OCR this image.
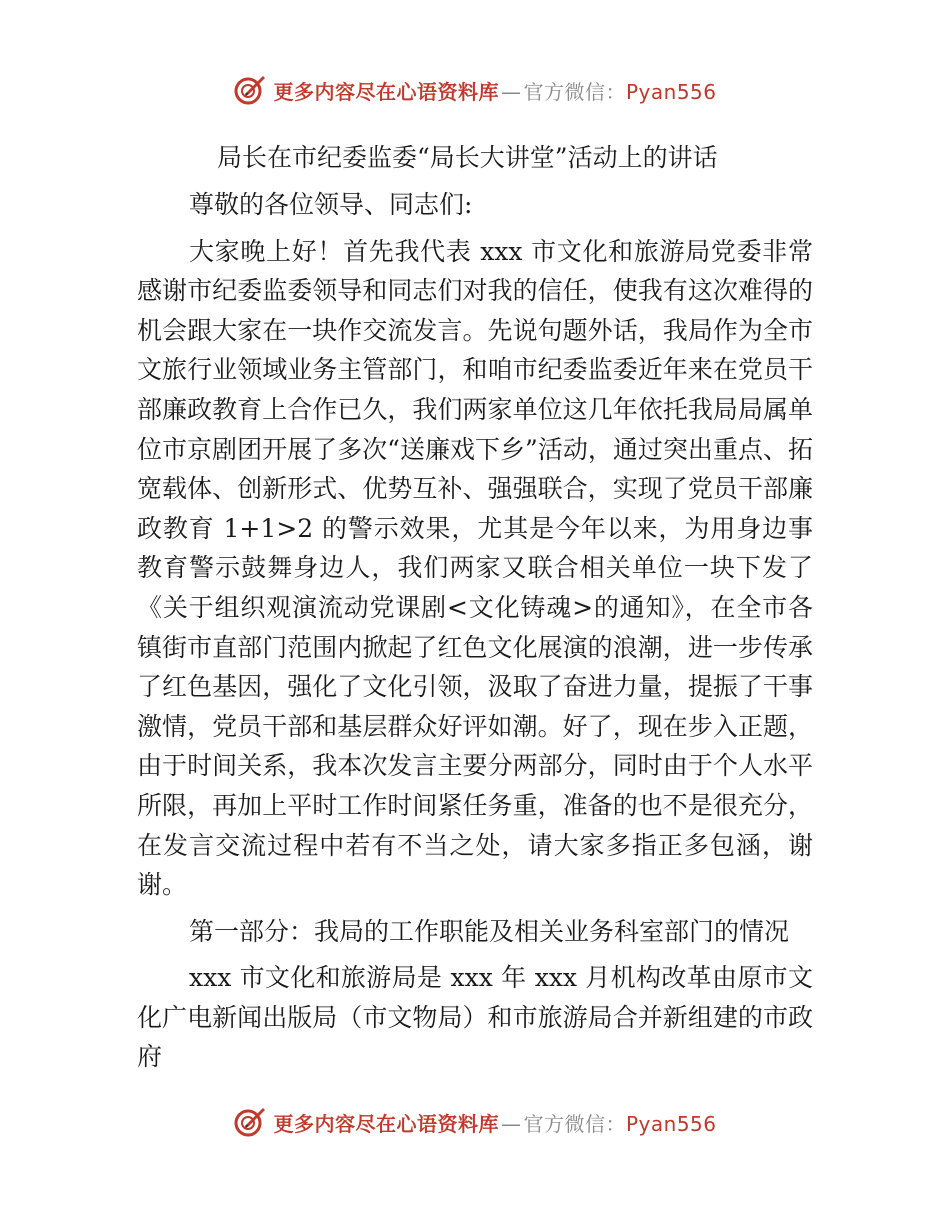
更多内容尽在心语资料库 — 官方微信：Pyan556

局长在市纪委监委“局长大讲堂”活动上的讲话

尊敬的各位领导、同志们:

大家晚上好！首先我代表 xxx 市文化和旅游局党委非常感谢市纪委监委领导和同志们对我的信任，使我有这次难得的机会跟大家在一块作交流发言。先说句题外话，我局作为全市文旅行业领域业务主管部门，和咱市纪委监委近年来在党员干部廉政教育上合作已久，我们两家单位这几年依托我局局属单位市京剧团开展了多次“送廉戏下乡”活动，通过突出重点、拓宽载体、创新形式、优势互补、强强联合，实现了党员干部廉政教育 1+1>2 的警示效果，尤其是今年以来，为用身边事教育警示鼓舞身边人，我们两家又联合相关单位一块下发了《关于组织观演流动党课剧<文化铸魂>的通知》，在全市各镇街市直部门范围内掀起了红色文化展演的浪潮，进一步传承了红色基因，强化了文化引领，汲取了奋进力量，提振了干事激情，党员干部和基层群众好评如潮。好了，现在步入正题，由于时间关系，我本次发言主要分两部分，同时由于个人水平所限，再加上平时工作时间紧任务重，准备的也不是很充分，在发言交流过程中若有不当之处，请大家多指正多包涵，谢谢。

第一部分：我局的工作职能及相关业务科室部门的情况

xxx 市文化和旅游局是 xxx 年 xxx 月机构改革由原市文化广电新闻出版局（市文物局）和市旅游局合并新组建的市政府

更多内容尽在心语资料库 — 官方微信：Pyan556
